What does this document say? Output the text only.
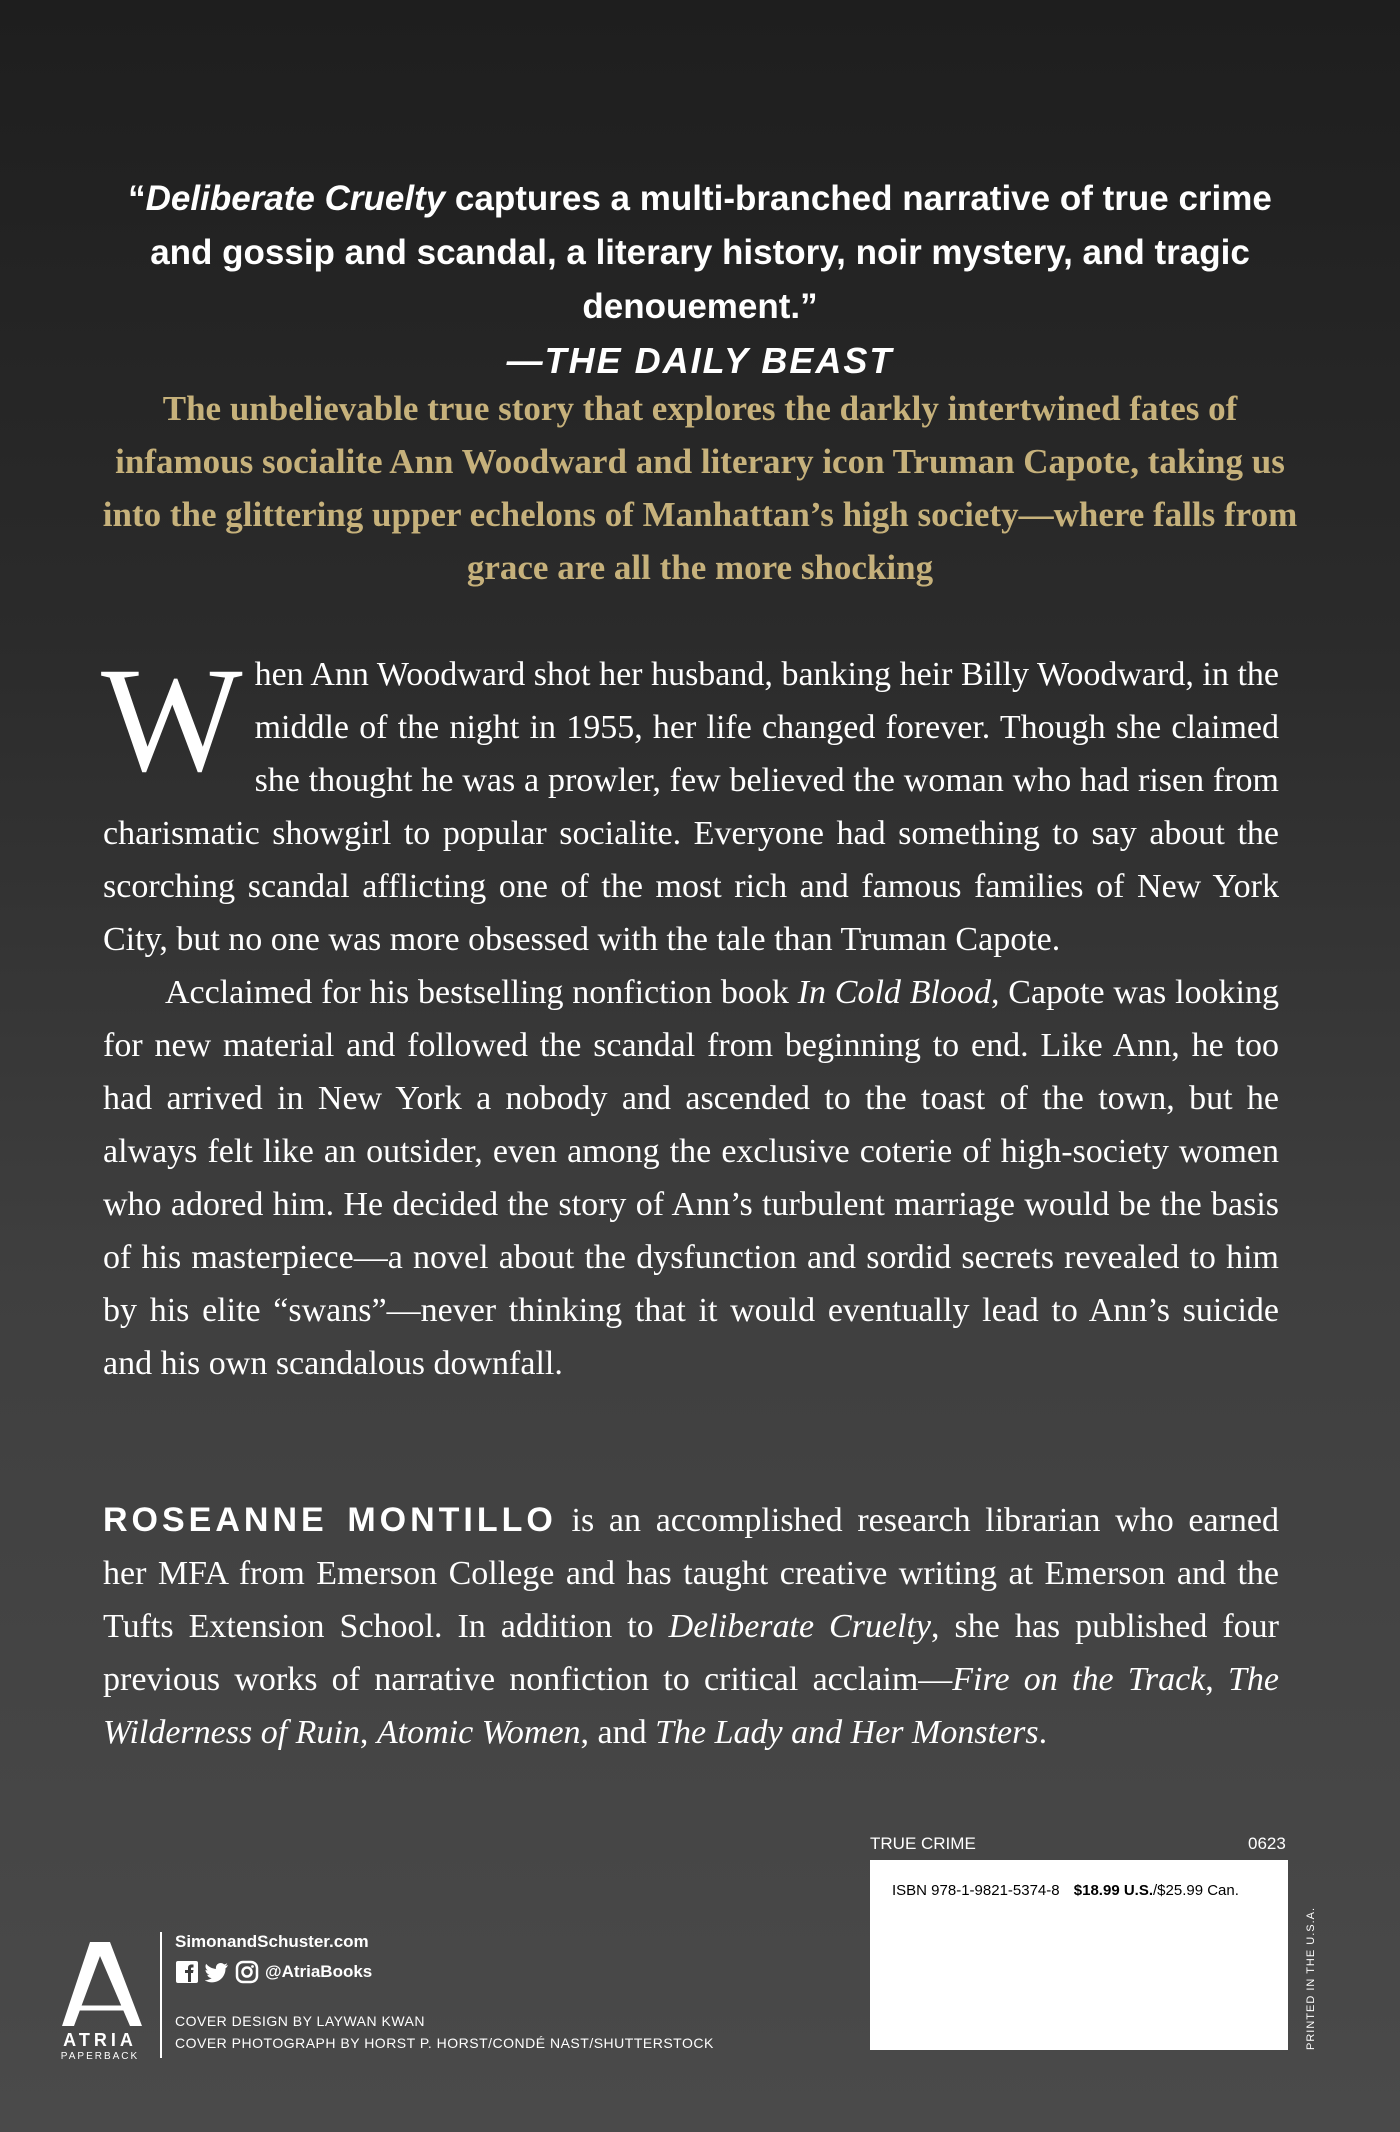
“Deliberate Cruelty captures a multi-branched narrative of true crime and gossip and scandal, a literary history, noir mystery, and tragic denouement.”
—THE DAILY BEAST
The unbelievable true story that explores the darkly intertwined fates of infamous socialite Ann Woodward and literary icon Truman Capote, taking us into the glittering upper echelons of Manhattan’s high society—where falls from grace are all the more shocking

When Ann Woodward shot her husband, banking heir Billy Woodward, in the middle of the night in 1955, her life changed forever. Though she claimed she thought he was a prowler, few believed the woman who had risen from charismatic showgirl to popular socialite. Everyone had something to say about the scorching scandal afflicting one of the most rich and famous families of New York City, but no one was more obsessed with the tale than Truman Capote.

Acclaimed for his bestselling nonfiction book In Cold Blood, Capote was looking for new material and followed the scandal from beginning to end. Like Ann, he too had arrived in New York a nobody and ascended to the toast of the town, but he always felt like an outsider, even among the exclusive coterie of high-society women who adored him. He decided the story of Ann’s turbulent marriage would be the basis of his masterpiece—a novel about the dysfunction and sordid secrets revealed to him by his elite “swans”—never thinking that it would eventually lead to Ann’s suicide and his own scandalous downfall.

ROSEANNE MONTILLO is an accomplished research librarian who earned her MFA from Emerson College and has taught creative writing at Emerson and the Tufts Extension School. In addition to Deliberate Cruelty, she has published four previous works of narrative nonfiction to critical acclaim—Fire on the Track, The Wilderness of Ruin, Atomic Women, and The Lady and Her Monsters.
ATRIA
PAPERBACK
SimonandSchuster.com
@AtriaBooks
COVER DESIGN BY LAYWAN KWAN
COVER PHOTOGRAPH BY HORST P. HORST/CONDÉ NAST/SHUTTERSTOCK
TRUE CRIME	0623
ISBN 978-1-9821-5374-8 $18.99 U.S./$25.99 Can.
PRINTED IN THE U.S.A.
